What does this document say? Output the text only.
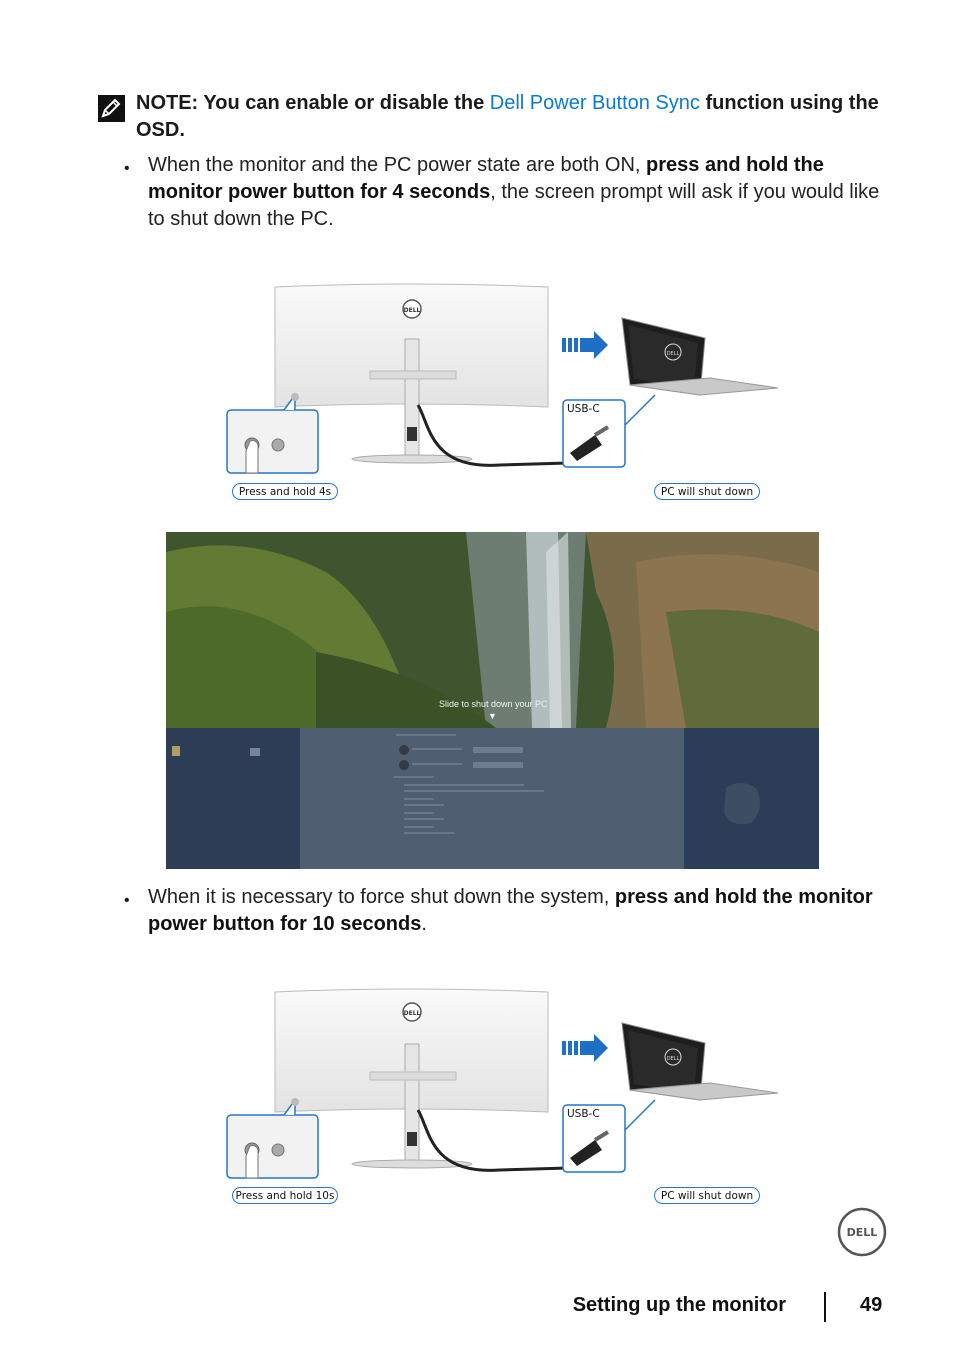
NOTE: You can enable or disable the Dell Power Button Sync function using the OSD.
• When the monitor and the PC power state are both ON, press and hold the monitor power button for 4 seconds, the screen prompt will ask if you would like to shut down the PC.
DELL
DELL
USB-C
Press and hold 4s	PC will shut down
Slide to shut down your PC
▼
• When it is necessary to force shut down the system, press and hold the monitor power button for 10 seconds.
DELL
DELL
USB-C
Press and hold 10s	PC will shut down
DELL
Setting up the monitor	49
